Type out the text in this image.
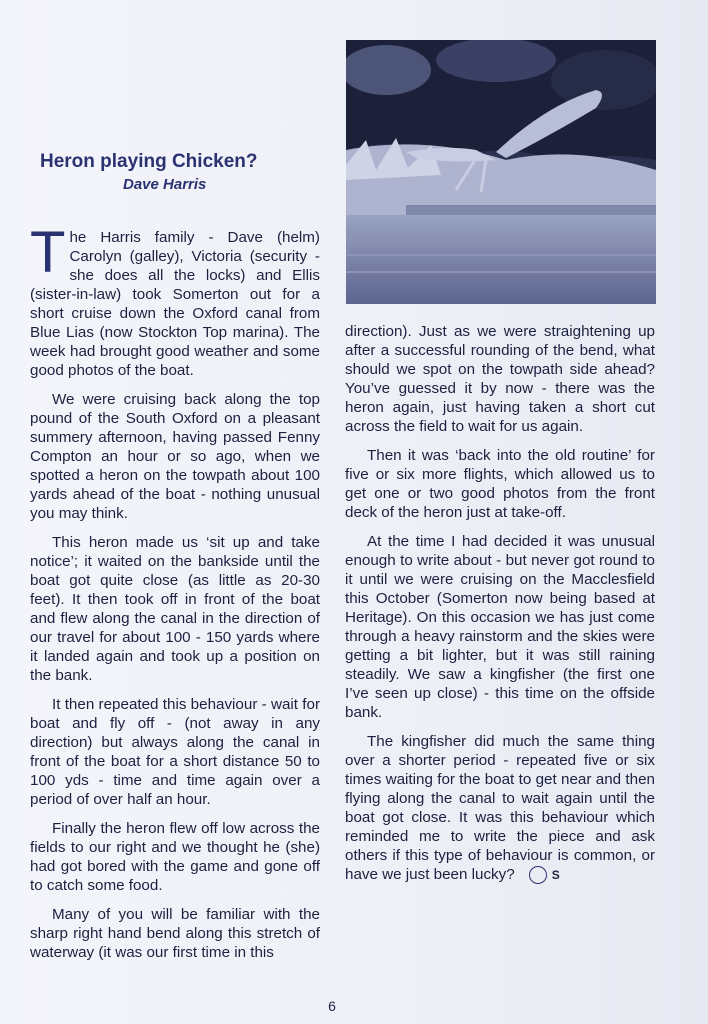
Heron playing Chicken?
Dave Harris

The Harris family - Dave (helm) Carolyn (galley), Victoria (security - she does all the locks) and Ellis (sister-in-law) took Somerton out for a short cruise down the Oxford canal from Blue Lias (now Stockton Top marina). The week had brought good weather and some good photos of the boat.

We were cruising back along the top pound of the South Oxford on a pleasant summery afternoon, having passed Fenny Compton an hour or so ago, when we spotted a heron on the towpath about 100 yards ahead of the boat - nothing unusual you may think.

This heron made us ‘sit up and take notice’; it waited on the bankside until the boat got quite close (as little as 20-30 feet). It then took off in front of the boat and flew along the canal in the direction of our travel for about 100 - 150 yards where it landed again and took up a position on the bank.

It then repeated this behaviour - wait for boat and fly off - (not away in any direction) but always along the canal in front of the boat for a short distance 50 to 100 yds - time and time again over a period of over half an hour.

Finally the heron flew off low across the fields to our right and we thought he (she) had got bored with the game and gone off to catch some food.

Many of you will be familiar with the sharp right hand bend along this stretch of waterway (it was our first time in this

direction). Just as we were straightening up after a successful rounding of the bend, what should we spot on the towpath side ahead? You’ve guessed it by now - there was the heron again, just having taken a short cut across the field to wait for us again.

Then it was ‘back into the old routine’ for five or six more flights, which allowed us to get one or two good photos from the front deck of the heron just at take-off.

At the time I had decided it was unusual enough to write about - but never got round to it until we were cruising on the Macclesfield this October (Somerton now being based at Heritage). On this occasion we has just come through a heavy rainstorm and the skies were getting a bit lighter, but it was still raining steadily. We saw a kingfisher (the first one I’ve seen up close) - this time on the offside bank.

The kingfisher did much the same thing over a shorter period - repeated five or six times waiting for the boat to get near and then flying along the canal to wait again until the boat got close. It was this behaviour which reminded me to write the piece and ask others if this type of behaviour is common, or have we just been lucky?	S

6
